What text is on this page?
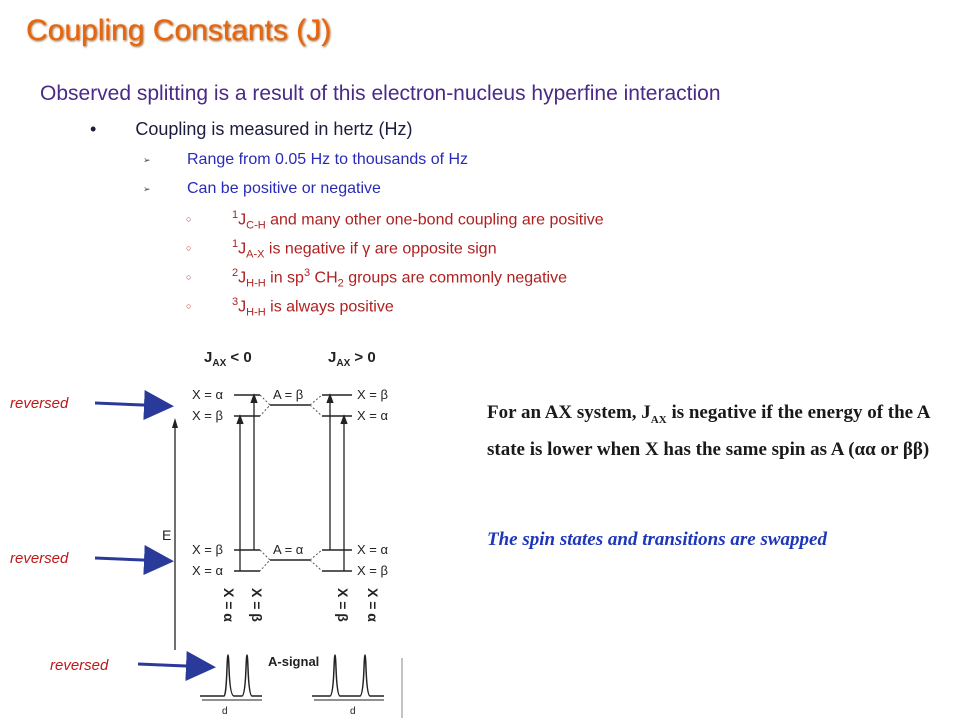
Coupling Constants (J)
Observed splitting is a result of this electron-nucleus hyperfine interaction
• Coupling is measured in hertz (Hz)
➢ Range from 0.05 Hz to thousands of Hz
➢ Can be positive or negative
○	$^1J_{C-H}$ and many other one-bond coupling are positive
○	$^1J_{A-X}$ is negative if γ are opposite sign
○	$^2J_{H-H}$ in $sp^3$ $CH_2$ groups are commonly negative
○	$^3J_{H-H}$ is always positive
reversed
reversed
reversed
$J_{AX} < 0$	$J_{AX} > 0$
X = α
X = β
A = β	X = β
X = α
X = β
X = α
A = α	X = α
X = β
E
X = α X = β	X = β X = α
A-signal
d	d
For an AX system, $J_{AX}$ is negative if the energy of the A state is lower when X has the same spin as A (αα or ββ)
The spin states and transitions are swapped
